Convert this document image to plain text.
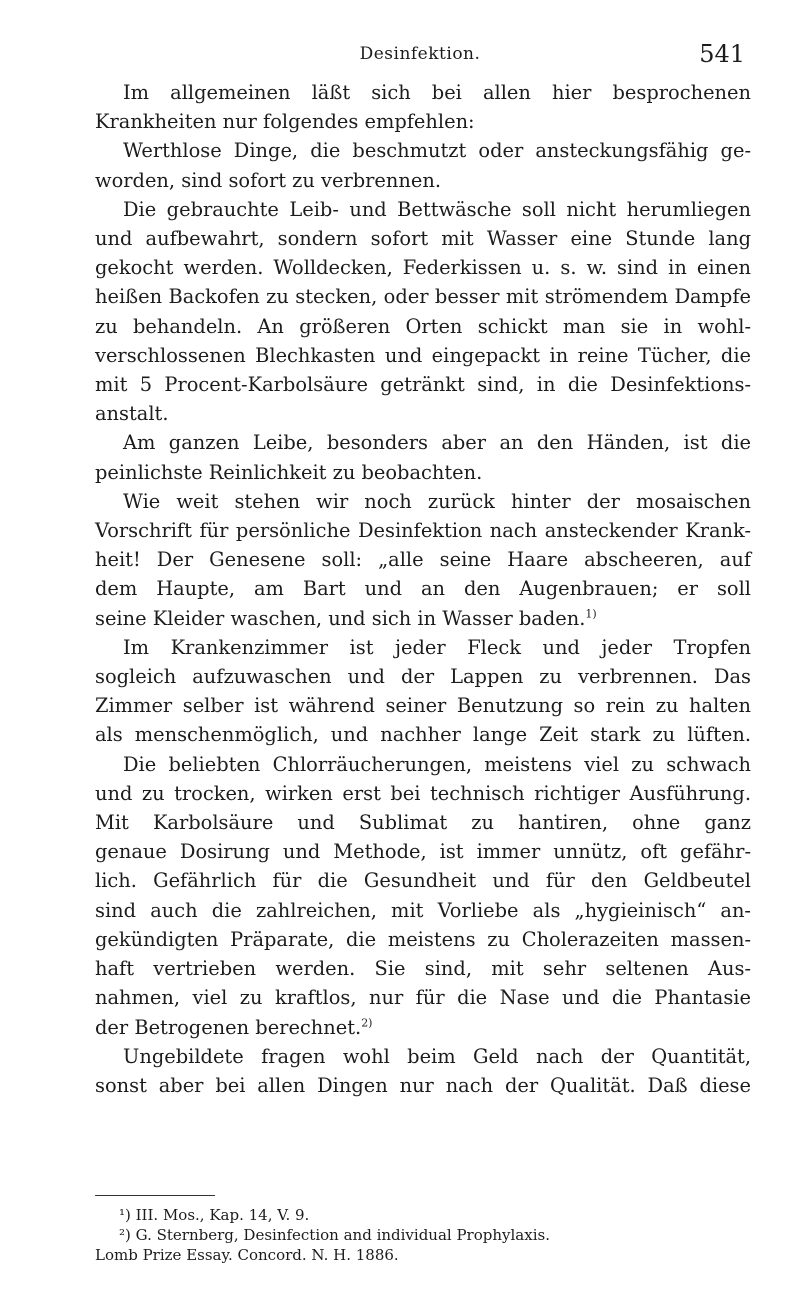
Desinfektion.	541
Im allgemeinen läßt sich bei allen hier besprochenen
Krankheiten nur folgendes empfehlen:
Werthlose Dinge, die beschmutzt oder ansteckungsfähig ge-
worden, sind sofort zu verbrennen.
Die gebrauchte Leib- und Bettwäsche soll nicht herumliegen
und aufbewahrt, sondern sofort mit Wasser eine Stunde lang
gekocht werden. Wolldecken, Federkissen u. s. w. sind in einen
heißen Backofen zu stecken, oder besser mit strömendem Dampfe
zu behandeln. An größeren Orten schickt man sie in wohl-
verschlossenen Blechkasten und eingepackt in reine Tücher, die
mit 5 Procent-Karbolsäure getränkt sind, in die Desinfektions-
anstalt.
Am ganzen Leibe, besonders aber an den Händen, ist die
peinlichste Reinlichkeit zu beobachten.
Wie weit stehen wir noch zurück hinter der mosaischen
Vorschrift für persönliche Desinfektion nach ansteckender Krank-
heit! Der Genesene soll: „alle seine Haare abscheeren, auf
dem Haupte, am Bart und an den Augenbrauen; er soll
seine Kleider waschen, und sich in Wasser baden.$^{1)}$
Im Krankenzimmer ist jeder Fleck und jeder Tropfen
sogleich aufzuwaschen und der Lappen zu verbrennen. Das
Zimmer selber ist während seiner Benutzung so rein zu halten
als menschenmöglich, und nachher lange Zeit stark zu lüften.
Die beliebten Chlorräucherungen, meistens viel zu schwach
und zu trocken, wirken erst bei technisch richtiger Ausführung.
Mit Karbolsäure und Sublimat zu hantiren, ohne ganz
genaue Dosirung und Methode, ist immer unnütz, oft gefähr-
lich. Gefährlich für die Gesundheit und für den Geldbeutel
sind auch die zahlreichen, mit Vorliebe als „hygieinisch“ an-
gekündigten Präparate, die meistens zu Cholerazeiten massen-
haft vertrieben werden. Sie sind, mit sehr seltenen Aus-
nahmen, viel zu kraftlos, nur für die Nase und die Phantasie
der Betrogenen berechnet.$^{2)}$
Ungebildete fragen wohl beim Geld nach der Quantität,
sonst aber bei allen Dingen nur nach der Qualität. Daß diese
¹) III. Mos., Kap. 14, V. 9.
²) G. Sternberg, Desinfection and individual Prophylaxis.
Lomb Prize Essay. Concord. N. H. 1886.
